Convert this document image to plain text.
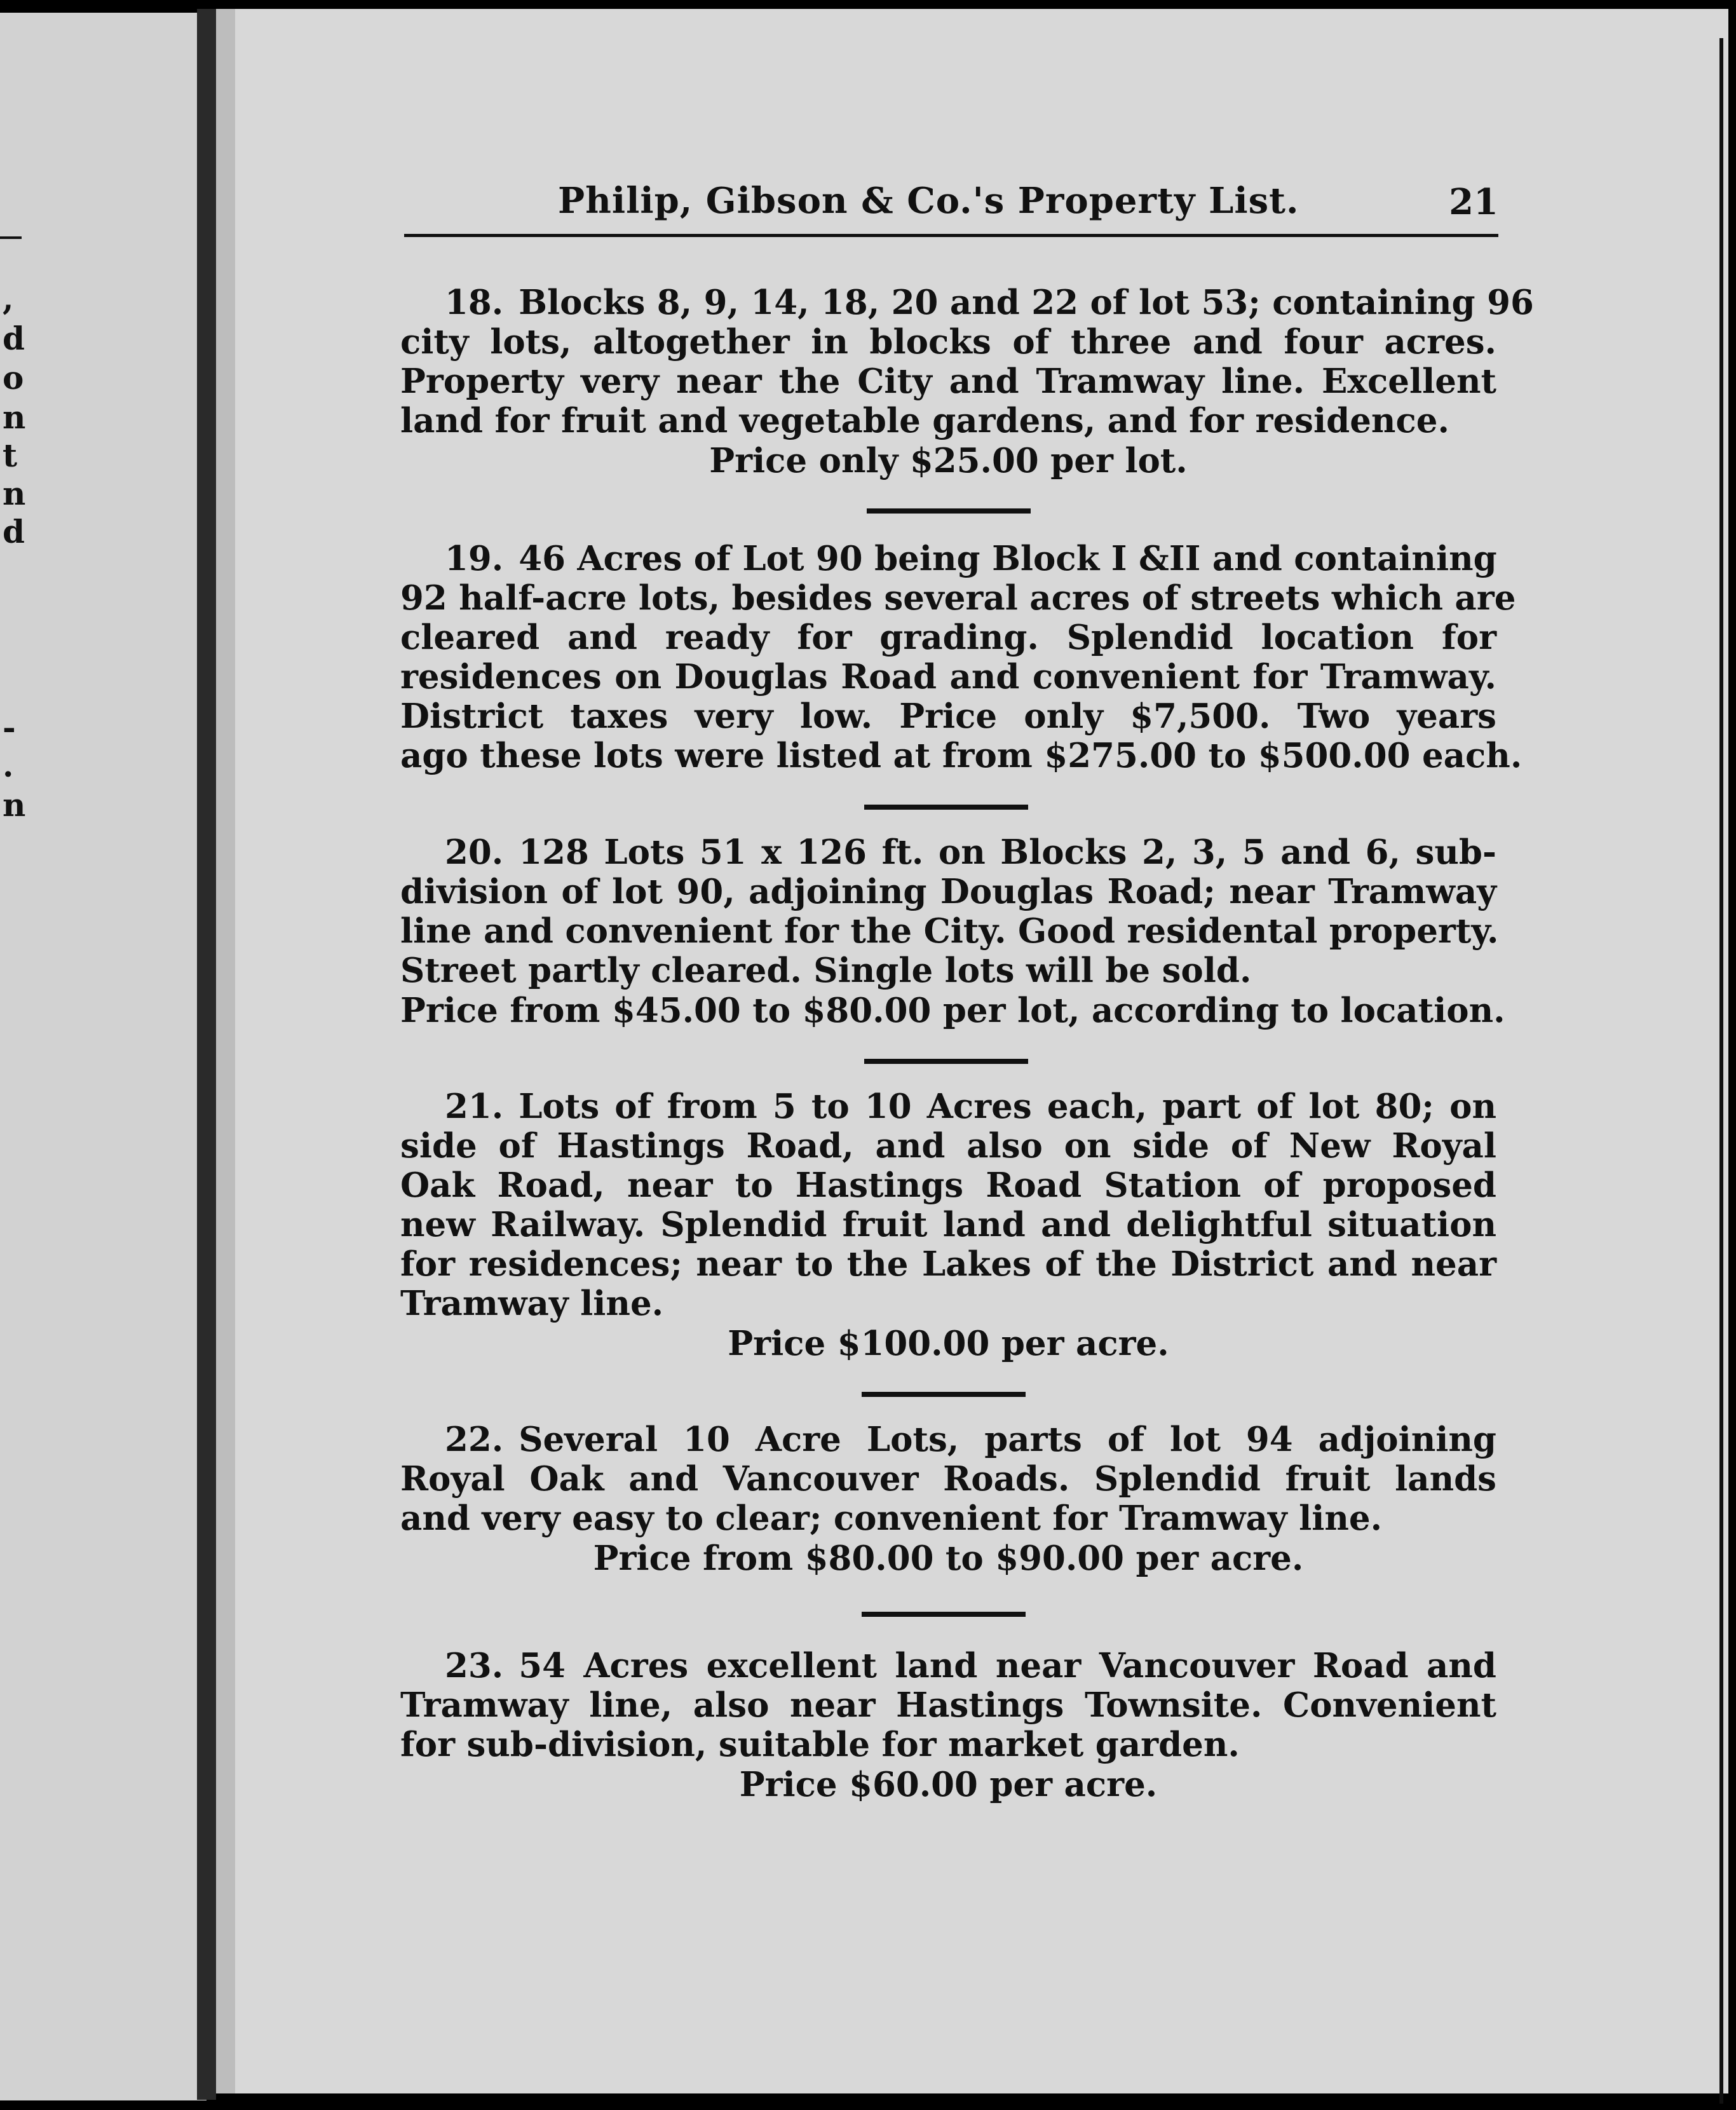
,
d
o
n
t
n
d
-
.
n
Philip, Gibson & Co.'s Property List.	21
18. Blocks 8, 9, 14, 18, 20 and 22 of lot 53; containing 96
city lots, altogether in blocks of three and four acres.
Property very near the City and Tramway line. Excellent
land for fruit and vegetable gardens, and for residence.
Price only $25.00 per lot.
19. 46 Acres of Lot 90 being Block I &II and containing
92 half-acre lots, besides several acres of streets which are
cleared and ready for grading. Splendid location for
residences on Douglas Road and convenient for Tramway.
District taxes very low. Price only $7,500. Two years
ago these lots were listed at from $275.00 to $500.00 each.
20. 128 Lots 51 x 126 ft. on Blocks 2, 3, 5 and 6, sub-
division of lot 90, adjoining Douglas Road; near Tramway
line and convenient for the City. Good residental property.
Street partly cleared. Single lots will be sold.
Price from $45.00 to $80.00 per lot, according to location.
21. Lots of from 5 to 10 Acres each, part of lot 80; on
side of Hastings Road, and also on side of New Royal
Oak Road, near to Hastings Road Station of proposed
new Railway. Splendid fruit land and delightful situation
for residences; near to the Lakes of the District and near
Tramway line.
Price $100.00 per acre.
22. Several 10 Acre Lots, parts of lot 94 adjoining
Royal Oak and Vancouver Roads. Splendid fruit lands
and very easy to clear; convenient for Tramway line.
Price from $80.00 to $90.00 per acre.
23. 54 Acres excellent land near Vancouver Road and
Tramway line, also near Hastings Townsite. Convenient
for sub-division, suitable for market garden.
Price $60.00 per acre.
